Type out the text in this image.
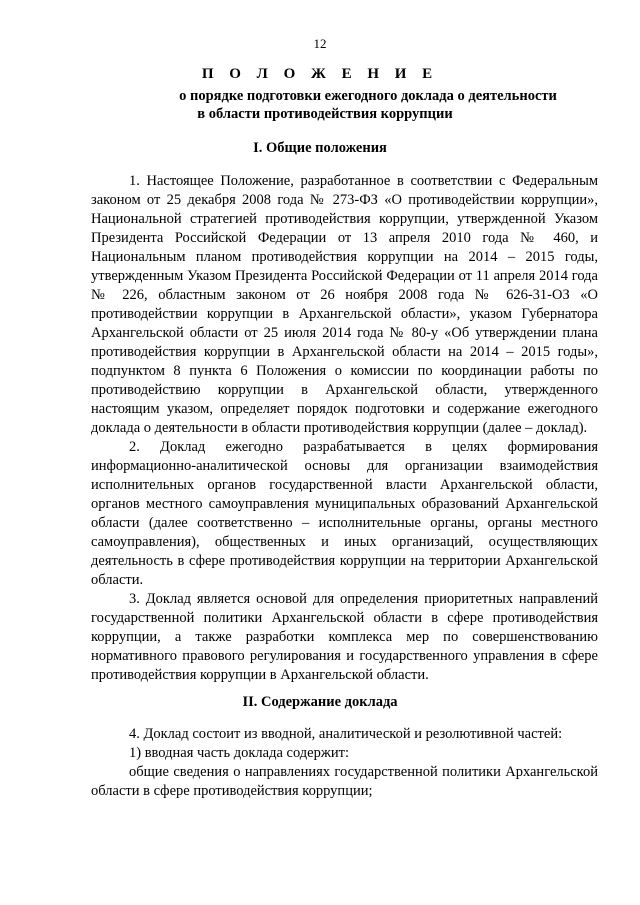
12
П О Л О Ж Е Н И Е
о порядке подготовки ежегодного доклада о деятельности
в области противодействия коррупции
I. Общие положения

1. Настоящее Положение, разработанное в соответствии с Федеральным законом от 25 декабря 2008 года № 273-ФЗ «О противодействии коррупции», Национальной стратегией противодействия коррупции, утвержденной Указом Президента Российской Федерации от 13 апреля 2010 года № 460, и Национальным планом противодействия коррупции на 2014 – 2015 годы, утвержденным Указом Президента Российской Федерации от 11 апреля 2014 года № 226, областным законом от 26 ноября 2008 года № 626-31-ОЗ «О противодействии коррупции в Архангельской области», указом Губернатора Архангельской области от 25 июля 2014 года № 80-у «Об утверждении плана противодействия коррупции в Архангельской области на 2014 – 2015 годы», подпунктом 8 пункта 6 Положения о комиссии по координации работы по противодействию коррупции в Архангельской области, утвержденного настоящим указом, определяет порядок подготовки и содержание ежегодного доклада о деятельности в области противодействия коррупции (далее – доклад).

2. Доклад ежегодно разрабатывается в целях формирования информационно-аналитической основы для организации взаимодействия исполнительных органов государственной власти Архангельской области, органов местного самоуправления муниципальных образований Архангельской области (далее соответственно – исполнительные органы, органы местного самоуправления), общественных и иных организаций, осуществляющих деятельность в сфере противодействия коррупции на территории Архангельской области.

3. Доклад является основой для определения приоритетных направлений государственной политики Архангельской области в сфере противодействия коррупции, а также разработки комплекса мер по совершенствованию нормативного правового регулирования и государственного управления в сфере противодействия коррупции в Архангельской области.

II. Содержание доклада

4. Доклад состоит из вводной, аналитической и резолютивной частей:

1) вводная часть доклада содержит:

общие сведения о направлениях государственной политики Архангельской области в сфере противодействия коррупции;
